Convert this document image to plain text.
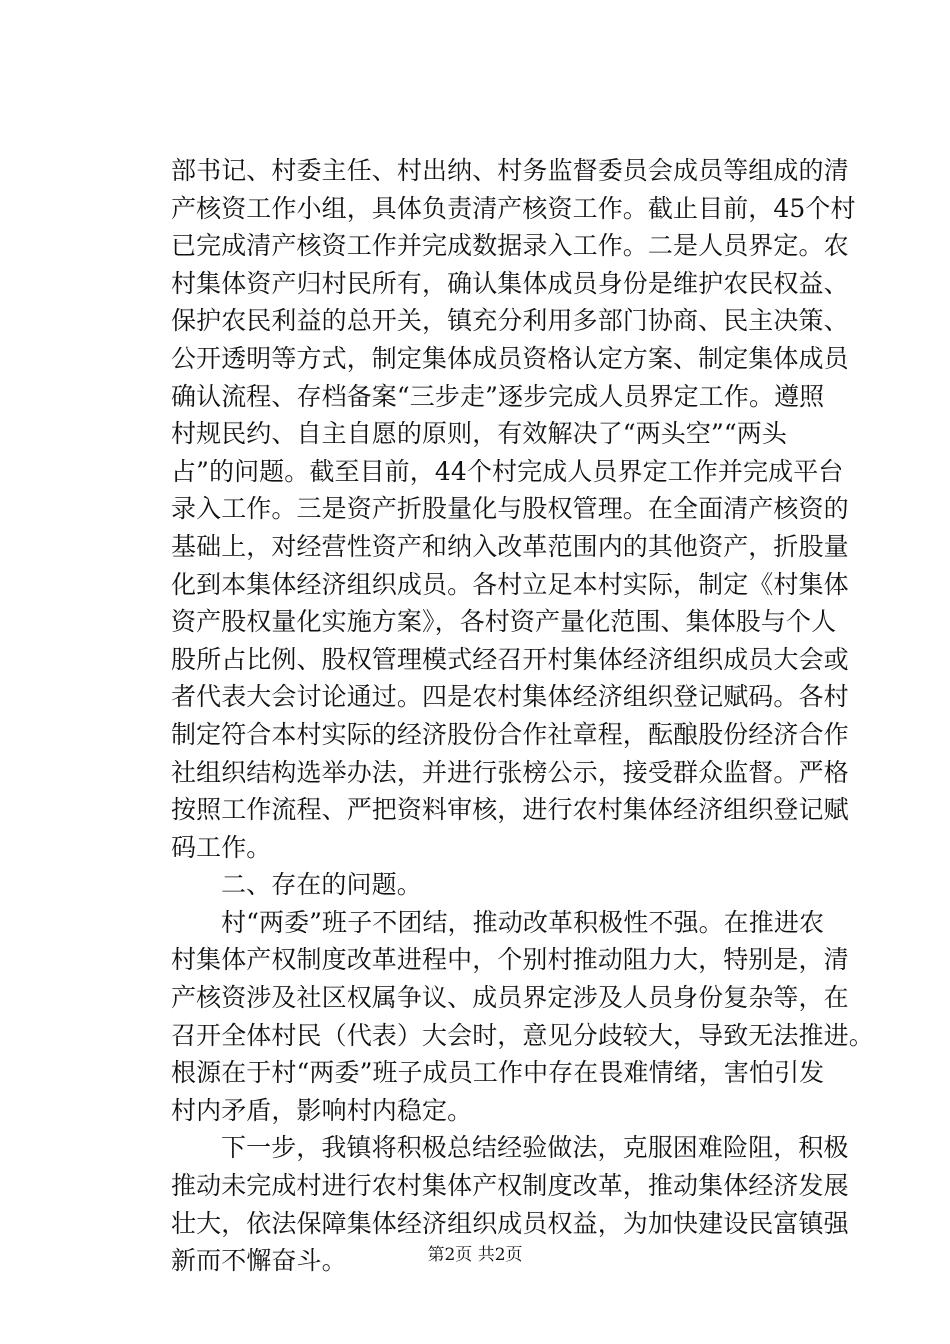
部书记、村委主任、村出纳、村务监督委员会成员等组成的清
产核资工作小组，具体负责清产核资工作。截止目前，45个村
已完成清产核资工作并完成数据录入工作。二是人员界定。农
村集体资产归村民所有，确认集体成员身份是维护农民权益、
保护农民利益的总开关，镇充分利用多部门协商、民主决策、
公开透明等方式，制定集体成员资格认定方案、制定集体成员
确认流程、存档备案“三步走”逐步完成人员界定工作。遵照
村规民约、自主自愿的原则，有效解决了“两头空”“两头
占”的问题。截至目前，44个村完成人员界定工作并完成平台
录入工作。三是资产折股量化与股权管理。在全面清产核资的
基础上，对经营性资产和纳入改革范围内的其他资产，折股量
化到本集体经济组织成员。各村立足本村实际，制定《村集体
资产股权量化实施方案》，各村资产量化范围、集体股与个人
股所占比例、股权管理模式经召开村集体经济组织成员大会或
者代表大会讨论通过。四是农村集体经济组织登记赋码。各村
制定符合本村实际的经济股份合作社章程，酝酿股份经济合作
社组织结构选举办法，并进行张榜公示，接受群众监督。严格
按照工作流程、严把资料审核，进行农村集体经济组织登记赋
码工作。
二、存在的问题。
村“两委”班子不团结，推动改革积极性不强。在推进农
村集体产权制度改革进程中，个别村推动阻力大，特别是，清
产核资涉及社区权属争议、成员界定涉及人员身份复杂等，在
召开全体村民（代表）大会时，意见分歧较大，导致无法推进。
根源在于村“两委”班子成员工作中存在畏难情绪，害怕引发
村内矛盾，影响村内稳定。
下一步，我镇将积极总结经验做法，克服困难险阻，积极
推动未完成村进行农村集体产权制度改革，推动集体经济发展
壮大，依法保障集体经济组织成员权益，为加快建设民富镇强
新而不懈奋斗。	第2页 共2页
